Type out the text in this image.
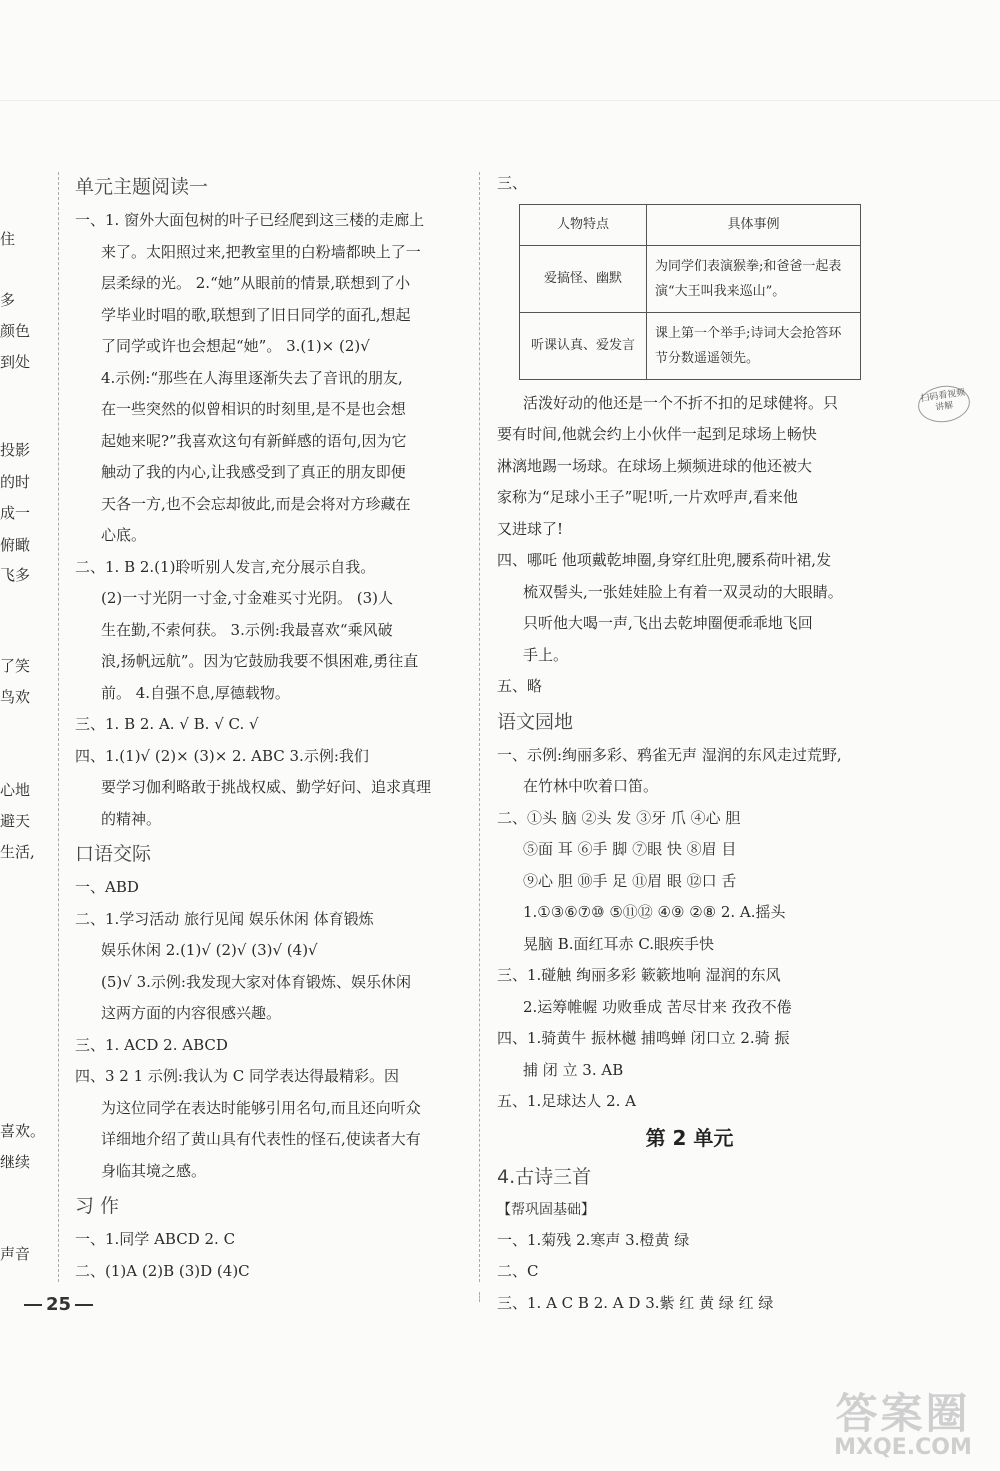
住
多
颜色
到处
投影
的时
成一
俯瞰
飞多
了笑
鸟欢
心地
避天
生活,
喜欢。
继续
声音
单元主题阅读一
一、1. 窗外大面包树的叶子已经爬到这三楼的走廊上
来了。太阳照过来,把教室里的白粉墙都映上了一
层柔绿的光。 2.“她”从眼前的情景,联想到了小
学毕业时唱的歌,联想到了旧日同学的面孔,想起
了同学或许也会想起“她”。 3.(1)× (2)√
4.示例:“那些在人海里逐渐失去了音讯的朋友,
在一些突然的似曾相识的时刻里,是不是也会想
起她来呢?”我喜欢这句有新鲜感的语句,因为它
触动了我的内心,让我感受到了真正的朋友即便
天各一方,也不会忘却彼此,而是会将对方珍藏在
心底。
二、1. B 2.(1)聆听别人发言,充分展示自我。
(2)一寸光阴一寸金,寸金难买寸光阴。 (3)人
生在勤,不索何获。 3.示例:我最喜欢“乘风破
浪,扬帆远航”。因为它鼓励我要不惧困难,勇往直
前。 4.自强不息,厚德载物。
三、1. B 2. A. √ B. √ C. √
四、1.(1)√ (2)× (3)× 2. ABC 3.示例:我们
要学习伽利略敢于挑战权威、勤学好问、追求真理
的精神。
口语交际
一、ABD
二、1.学习活动 旅行见闻 娱乐休闲 体育锻炼
娱乐休闲 2.(1)√ (2)√ (3)√ (4)√
(5)√ 3.示例:我发现大家对体育锻炼、娱乐休闲
这两方面的内容很感兴趣。
三、1. ACD 2. ABCD
四、3 2 1 示例:我认为 C 同学表达得最精彩。因
为这位同学在表达时能够引用名句,而且还向听众
详细地介绍了黄山具有代表性的怪石,使读者大有
身临其境之感。
习 作
一、1.同学 ABCD 2. C
二、(1)A (2)B (3)D (4)C
三、
人物特点	具体事例
爱搞怪、幽默	为同学们表演猴拳;和爸爸一起表演“大王叫我来巡山”。
听课认真、爱发言	课上第一个举手;诗词大会抢答环节分数遥遥领先。
活泼好动的他还是一个不折不扣的足球健将。只
要有时间,他就会约上小伙伴一起到足球场上畅快
淋漓地踢一场球。在球场上频频进球的他还被大
家称为“足球小王子”呢!听,一片欢呼声,看来他
又进球了!
四、哪吒 他项戴乾坤圈,身穿红肚兜,腰系荷叶裙,发
梳双髻头,一张娃娃脸上有着一双灵动的大眼睛。
只听他大喝一声,飞出去乾坤圈便乖乖地飞回
手上。
五、略
语文园地
一、示例:绚丽多彩、鸦雀无声 湿润的东风走过荒野,
在竹林中吹着口笛。
二、①头 脑 ②头 发 ③牙 爪 ④心 胆
⑤面 耳 ⑥手 脚 ⑦眼 快 ⑧眉 目
⑨心 胆 ⑩手 足 ⑪眉 眼 ⑫口 舌
1.①③⑥⑦⑩ ⑤⑪⑫ ④⑨ ②⑧ 2. A.摇头
晃脑 B.面红耳赤 C.眼疾手快
三、1.碰触 绚丽多彩 簌簌地响 湿润的东风
2.运筹帷幄 功败垂成 苦尽甘来 孜孜不倦
四、1.骑黄牛 振林樾 捕鸣蝉 闭口立 2.骑 振
捕 闭 立 3. AB
五、1.足球达人 2. A
第 2 单元
4.古诗三首
【帮巩固基础】
一、1.菊残 2.寒声 3.橙黄 绿
二、C
三、1. A C B 2. A D 3.紫 红 黄 绿 红 绿
扫码看视频讲解
25
答案圈
MXQE.COM
